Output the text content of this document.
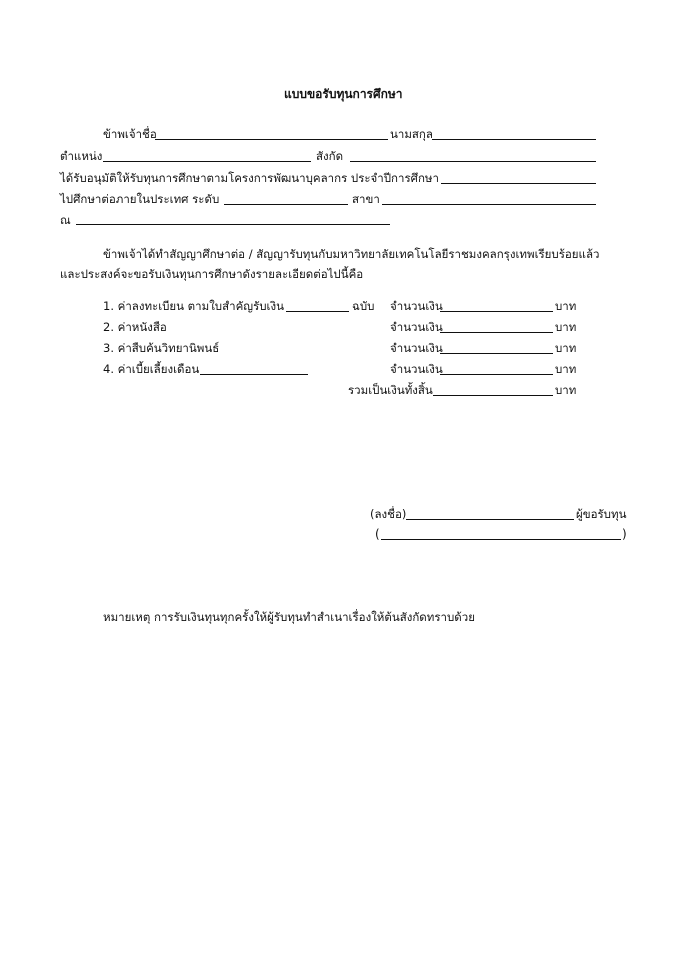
แบบขอรับทุนการศึกษา
ข้าพเจ้าชื่อ	นามสกุล
ตำแหน่ง	สังกัด
ได้รับอนุมัติให้รับทุนการศึกษาตามโครงการพัฒนาบุคลากร ประจำปีการศึกษา
ไปศึกษาต่อภายในประเทศ ระดับ	สาขา
ณ
ข้าพเจ้าได้ทำสัญญาศึกษาต่อ / สัญญารับทุนกับมหาวิทยาลัยเทคโนโลยีราชมงคลกรุงเทพเรียบร้อยแล้ว
และประสงค์จะขอรับเงินทุนการศึกษาดังรายละเอียดต่อไปนี้คือ
1. ค่าลงทะเบียน ตามใบสำคัญรับเงิน	ฉบับ จำนวนเงิน	บาท
2. ค่าหนังสือ	จำนวนเงิน	บาท
3. ค่าสืบค้นวิทยานิพนธ์	จำนวนเงิน	บาท
4. ค่าเบี้ยเลี้ยงเดือน	จำนวนเงิน	บาท
รวมเป็นเงินทั้งสิ้น	บาท
(ลงชื่อ)	ผู้ขอรับทุน
(	)
หมายเหตุ การรับเงินทุนทุกครั้งให้ผู้รับทุนทำสำเนาเรื่องให้ต้นสังกัดทราบด้วย
